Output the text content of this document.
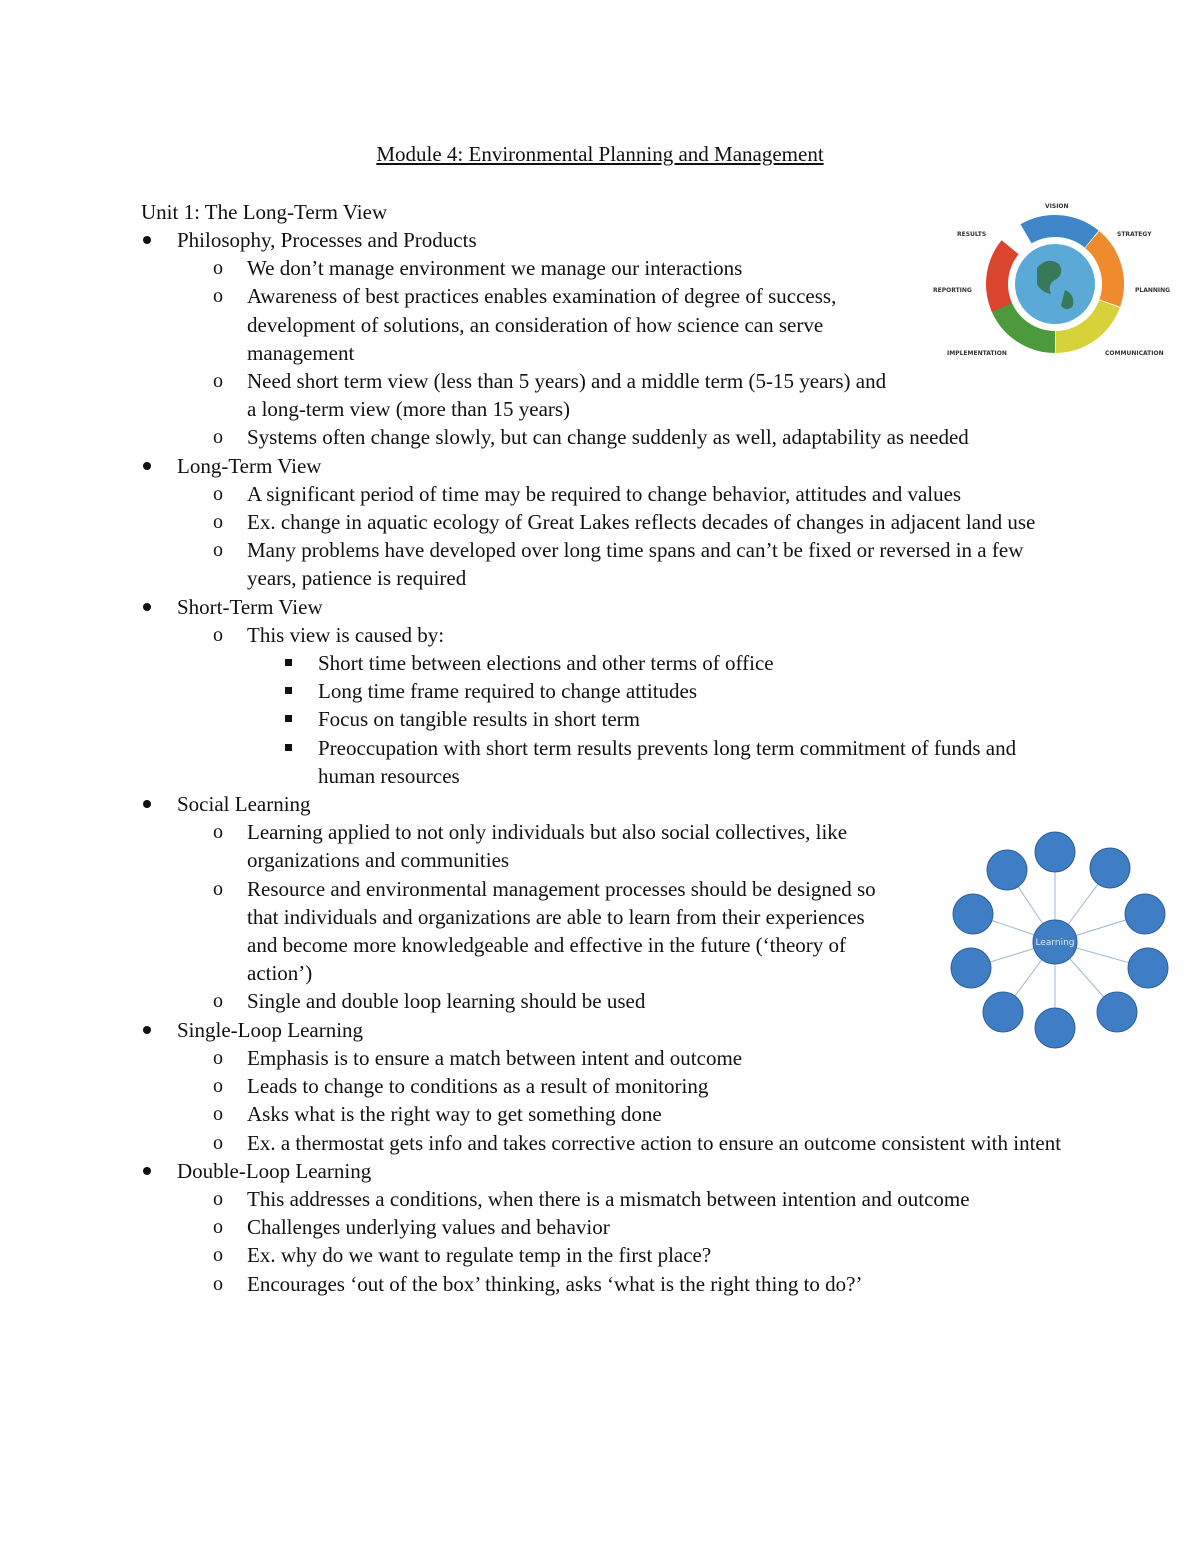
Module 4: Environmental Planning and Management
Unit 1: The Long-Term View	VISION
STRATEGY
PLANNING
COMMUNICATION
IMPLEMENTATION
REPORTING
RESULTS
Learning
Philosophy, Processes and Products
o We don’t manage environment we manage our interactions
o Awareness of best practices enables examination of degree of success, development of solutions, an consideration of how science can serve management
o Need short term view (less than 5 years) and a middle term (5-15 years) and a long-term view (more than 15 years)
o Systems often change slowly, but can change suddenly as well, adaptability as needed
Long-Term View
o A significant period of time may be required to change behavior, attitudes and values
o Ex. change in aquatic ecology of Great Lakes reflects decades of changes in adjacent land use
o Many problems have developed over long time spans and can’t be fixed or reversed in a few years, patience is required
Short-Term View
o This view is caused by:
Short time between elections and other terms of office
Long time frame required to change attitudes
Focus on tangible results in short term
Preoccupation with short term results prevents long term commitment of funds and human resources
Social Learning
o Learning applied to not only individuals but also social collectives, like organizations and communities
o Resource and environmental management processes should be designed so that individuals and organizations are able to learn from their experiences and become more knowledgeable and effective in the future (‘theory of action’)
o Single and double loop learning should be used
Single-Loop Learning
o Emphasis is to ensure a match between intent and outcome
o Leads to change to conditions as a result of monitoring
o Asks what is the right way to get something done
o Ex. a thermostat gets info and takes corrective action to ensure an outcome consistent with intent
Double-Loop Learning
o This addresses a conditions, when there is a mismatch between intention and outcome
o Challenges underlying values and behavior
o Ex. why do we want to regulate temp in the first place?
o Encourages ‘out of the box’ thinking, asks ‘what is the right thing to do?’
